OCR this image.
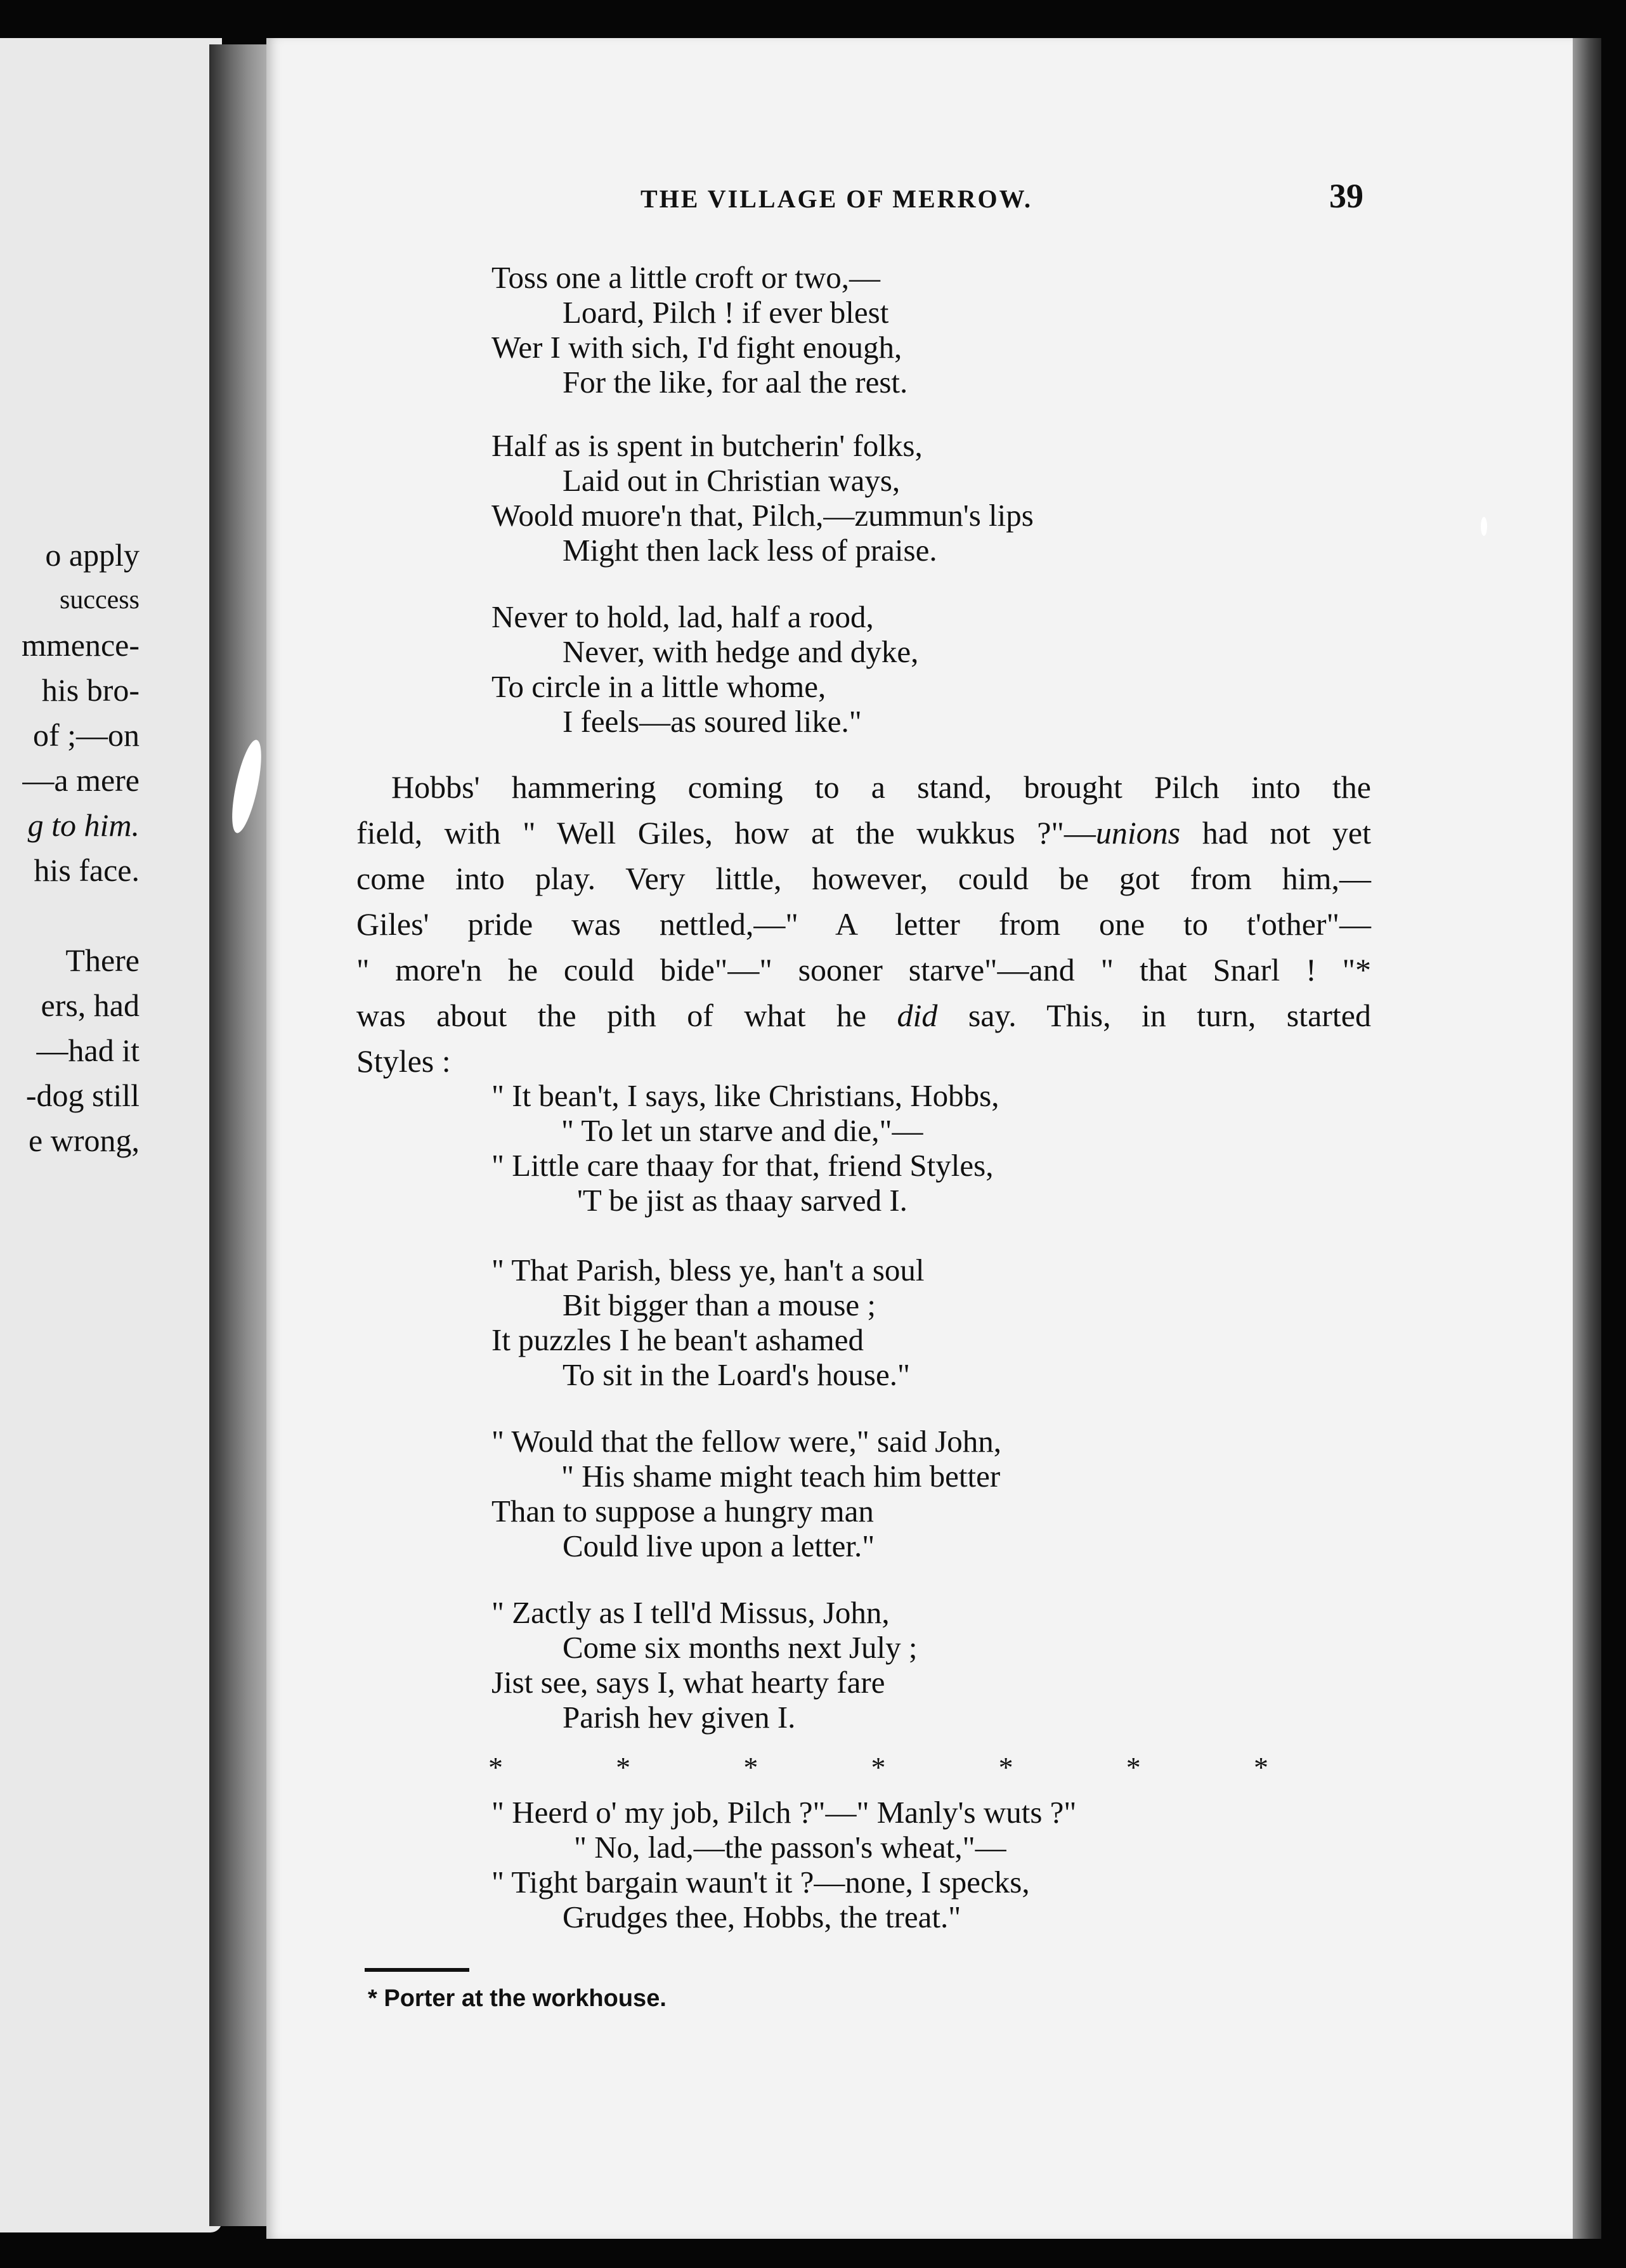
o apply
success
mmence-
his bro-
of ;—on
—a mere
g to him.
his face.
There
ers, had
—had it
-dog still
e wrong,
THE VILLAGE OF MERROW.	39
Toss one a little croft or two,—
Loard, Pilch ! if ever blest
Wer I with sich, I'd fight enough,
For the like, for aal the rest.
Half as is spent in butcherin' folks,
Laid out in Christian ways,
Woold muore'n that, Pilch,—zummun's lips
Might then lack less of praise.
Never to hold, lad, half a rood,
Never, with hedge and dyke,
To circle in a little whome,
I feels—as soured like."
Hobbs' hammering coming to a stand, brought Pilch into the
field, with " Well Giles, how at the wukkus ?"—unions had not yet
come into play. Very little, however, could be got from him,—
Giles' pride was nettled,—" A letter from one to t'other"—
" more'n he could bide"—" sooner starve"—and " that Snarl ! "*
was about the pith of what he did say. This, in turn, started
Styles :
" It bean't, I says, like Christians, Hobbs,
" To let un starve and die,"—
" Little care thaay for that, friend Styles,
'T be jist as thaay sarved I.
" That Parish, bless ye, han't a soul
Bit bigger than a mouse ;
It puzzles I he bean't ashamed
To sit in the Loard's house."
" Would that the fellow were," said John,
" His shame might teach him better
Than to suppose a hungry man
Could live upon a letter."
" Zactly as I tell'd Missus, John,
Come six months next July ;
Jist see, says I, what hearty fare
Parish hev given I.
*	*	*	*	*	*	*
" Heerd o' my job, Pilch ?"—" Manly's wuts ?"
" No, lad,—the passon's wheat,"—
" Tight bargain waun't it ?—none, I specks,
Grudges thee, Hobbs, the treat."
* Porter at the workhouse.
